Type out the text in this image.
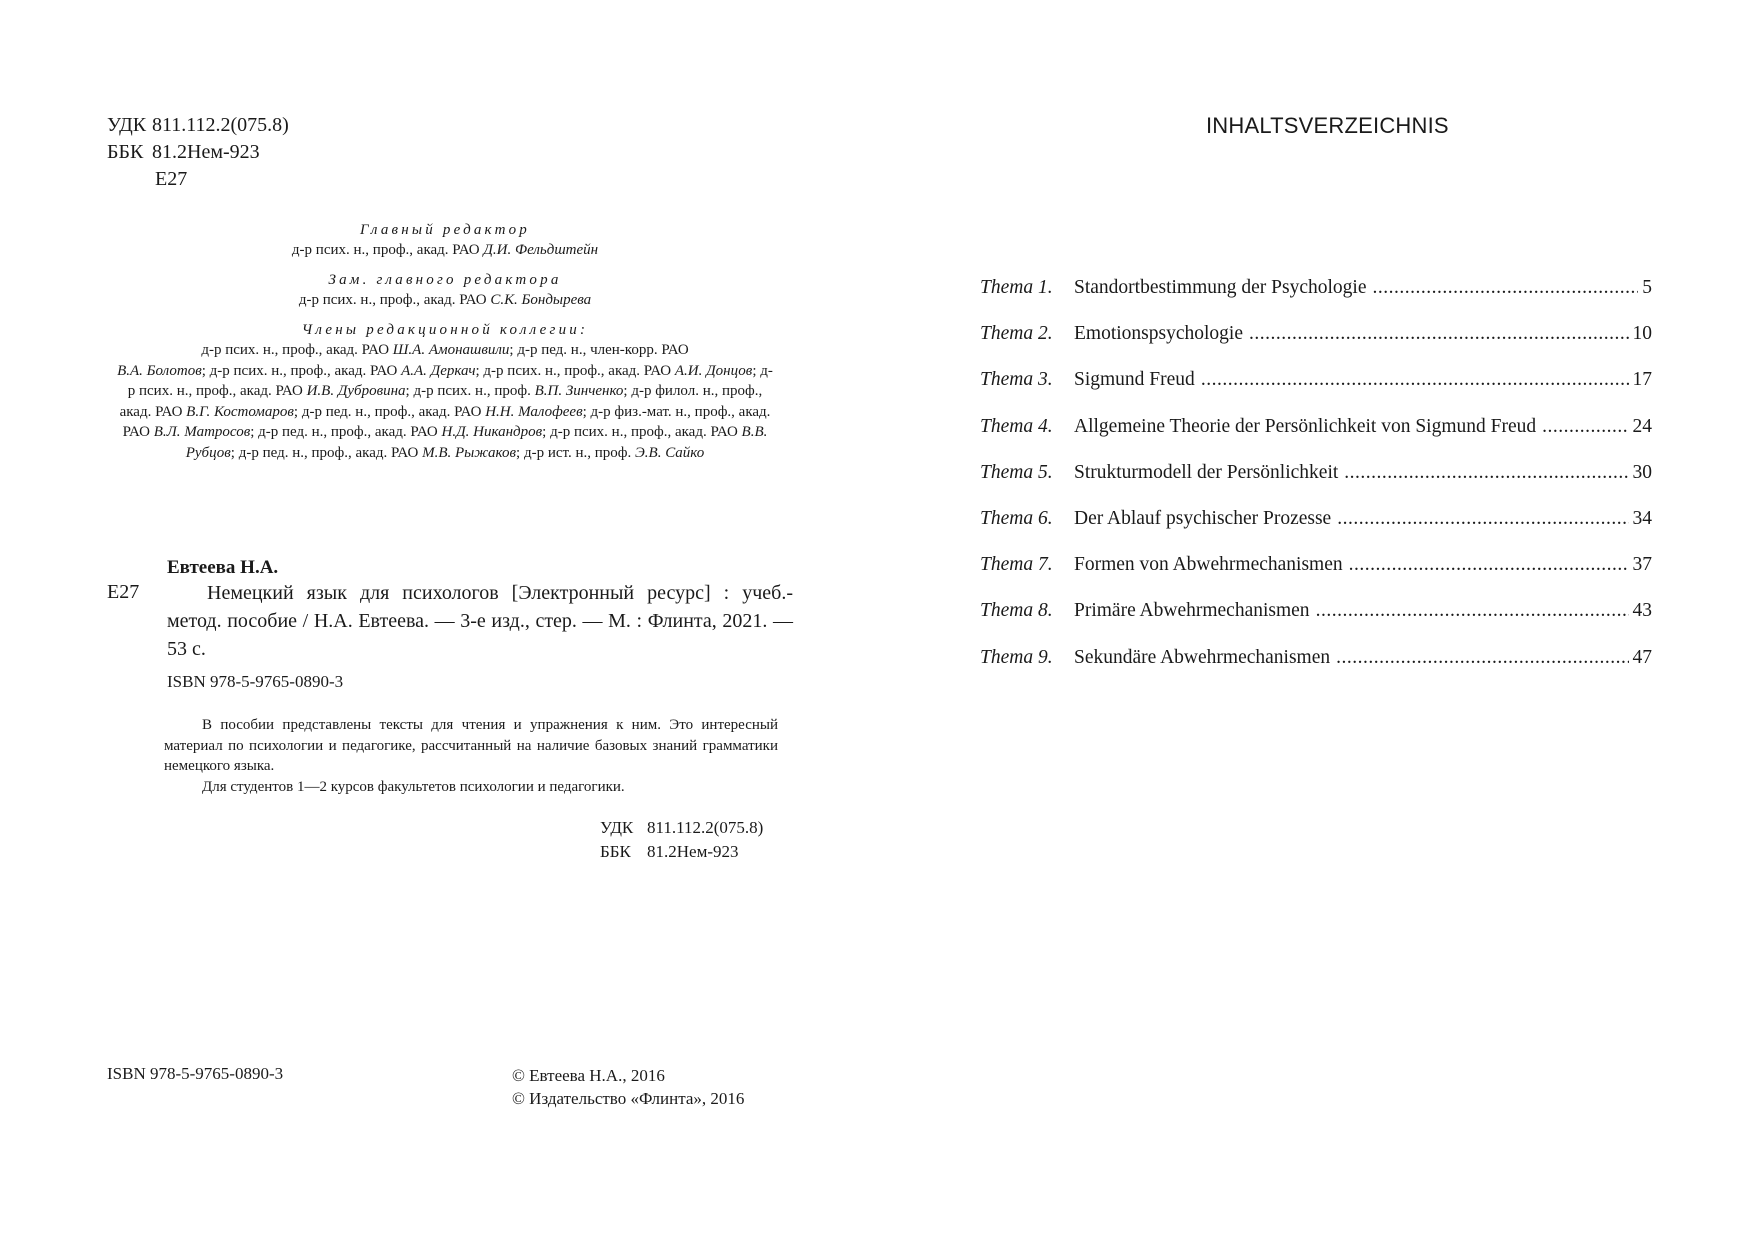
УДК 811.112.2(075.8)
ББК 81.2Нем-923
Е27
Главный редактор
д-р псих. н., проф., акад. РАО Д.И. Фельдштейн
Зам. главного редактора
д-р псих. н., проф., акад. РАО С.К. Бондырева
Члены редакционной коллегии:
д-р псих. н., проф., акад. РАО Ш.А. Амонашвили; д-р пед. н., член-корр. РАО
В.А. Болотов; д-р псих. н., проф., акад. РАО А.А. Деркач; д-р псих. н., проф., акад. РАО А.И. Донцов; д-р псих. н., проф., акад. РАО И.В. Дубровина; д-р псих. н., проф. В.П. Зинченко; д-р филол. н., проф., акад. РАО В.Г. Костомаров; д-р пед. н., проф., акад. РАО Н.Н. Малофеев; д-р физ.-мат. н., проф., акад. РАО В.Л. Матросов; д-р пед. н., проф., акад. РАО Н.Д. Никандров; д-р псих. н., проф., акад. РАО В.В. Рубцов; д-р пед. н., проф., акад. РАО М.В. Рыжаков; д-р ист. н., проф. Э.В. Сайко
Евтеева Н.А.
Е27	Немецкий язык для психологов [Электронный ресурс] : учеб.- метод. пособие / Н.А. Евтеева. — 3-е изд., стер. — М. : Флинта, 2021. — 53 с.
ISBN 978-5-9765-0890-3

В пособии представлены тексты для чтения и упражнения к ним. Это интересный материал по психологии и педагогике, рассчитанный на наличие базовых знаний грамматики немецкого языка.

Для студентов 1—2 курсов факультетов психологии и педагогики.

УДК 811.112.2(075.8)
ББК 81.2Нем-923
ISBN 978-5-9765-0890-3	© Евтеева Н.А., 2016
© Издательство «Флинта», 2016
INHALTSVERZEICHNIS
Thema 1.	Standortbestimmung der Psychologie .....	5
Thema 2.	Emotionspsychologie .....	10
Thema 3.	Sigmund Freud .....	17
Thema 4.	Allgemeine Theorie der Persönlichkeit von Sigmund Freud .....	24
Thema 5.	Strukturmodell der Persönlichkeit .....	30
Thema 6.	Der Ablauf psychischer Prozesse .....	34
Thema 7.	Formen von Abwehrmechanismen .....	37
Thema 8.	Primäre Abwehrmechanismen .....	43
Thema 9.	Sekundäre Abwehrmechanismen .....	47
